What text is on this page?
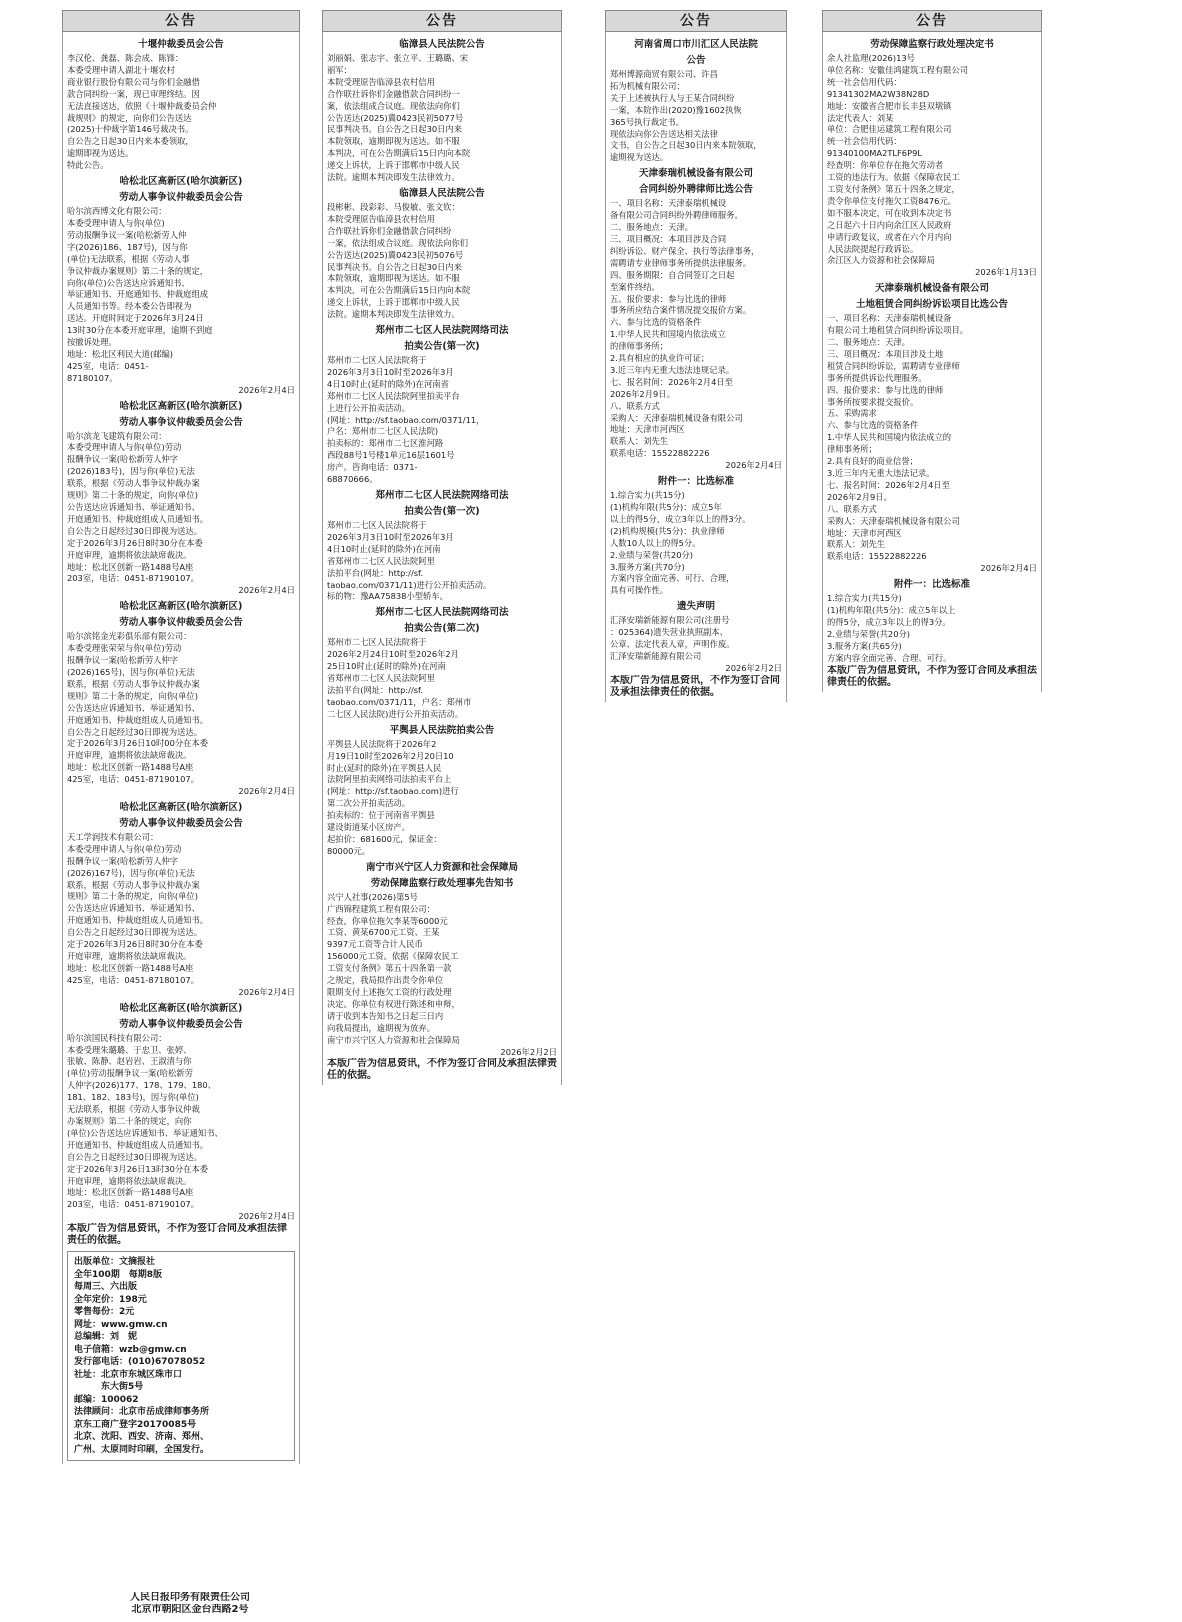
公告
十堰仲裁委员会公告

李汉伦、龚磊、陈会成、陈锋：

本委受理申请人湖北十堰农村

商业银行股份有限公司与你们金融借

款合同纠纷一案，现已审理终结。因

无法直接送达，依照《十堰仲裁委员会仲

裁规则》的规定，向你们公告送达

(2025)十仲裁字第146号裁决书。

自公告之日起30日内来本委领取，

逾期即视为送达。

特此公告。

哈松北区高新区(哈尔滨新区)
劳动人事争议仲裁委员会公告

哈尔滨西博文化有限公司：

本委受理申请人与你(单位)

劳动报酬争议一案(哈松新劳人仲

字(2026)186、187号)，因与你

(单位)无法联系，根据《劳动人事

争议仲裁办案规则》第二十条的规定，

向你(单位)公告送达应诉通知书、

举证通知书、开庭通知书、仲裁庭组成

人员通知书等。经本委公告即视为

送达。开庭时间定于2026年3月24日

13时30分在本委开庭审理，逾期不到庭

按撤诉处理。

地址：松北区利民大道(邮编)

425室，电话：0451-

87180107。

2026年2月4日

哈松北区高新区(哈尔滨新区)
劳动人事争议仲裁委员会公告

哈尔滨龙飞建筑有限公司：

本委受理申请人与你(单位)劳动

报酬争议一案(哈松新劳人仲字

(2026)183号)，因与你(单位)无法

联系，根据《劳动人事争议仲裁办案

规则》第二十条的规定，向你(单位)

公告送达应诉通知书、举证通知书、

开庭通知书、仲裁庭组成人员通知书。

自公告之日起经过30日即视为送达。

定于2026年3月26日8时30分在本委

开庭审理，逾期将依法缺席裁决。

地址：松北区创新一路1488号A座

203室，电话：0451-87190107。

2026年2月4日

哈松北区高新区(哈尔滨新区)
劳动人事争议仲裁委员会公告

哈尔滨铭金光彩俱乐部有限公司：

本委受理张荣荣与你(单位)劳动

报酬争议一案(哈松新劳人仲字

(2026)165号)，因与你(单位)无法

联系，根据《劳动人事争议仲裁办案

规则》第二十条的规定，向你(单位)

公告送达应诉通知书、举证通知书、

开庭通知书、仲裁庭组成人员通知书。

自公告之日起经过30日即视为送达。

定于2026年3月26日10时00分在本委

开庭审理，逾期将依法缺席裁决。

地址：松北区创新一路1488号A座

425室，电话：0451-87190107。

2026年2月4日

哈松北区高新区(哈尔滨新区)
劳动人事争议仲裁委员会公告

天工学润技术有限公司：

本委受理申请人与你(单位)劳动

报酬争议一案(哈松新劳人仲字

(2026)167号)，因与你(单位)无法

联系，根据《劳动人事争议仲裁办案

规则》第二十条的规定，向你(单位)

公告送达应诉通知书、举证通知书、

开庭通知书、仲裁庭组成人员通知书。

自公告之日起经过30日即视为送达。

定于2026年3月26日8时30分在本委

开庭审理，逾期将依法缺席裁决。

地址：松北区创新一路1488号A座

425室，电话：0451-87180107。

2026年2月4日

哈松北区高新区(哈尔滨新区)
劳动人事争议仲裁委员会公告

哈尔滨国民科技有限公司：

本委受理朱璐璐、于忠卫、张婷、

张敏、陈静、赵岩岩、王淑清与你

(单位)劳动报酬争议一案(哈松新劳

人仲字(2026)177、178、179、180、

181、182、183号)，因与你(单位)

无法联系，根据《劳动人事争议仲裁

办案规则》第二十条的规定，向你

(单位)公告送达应诉通知书、举证通知书、

开庭通知书、仲裁庭组成人员通知书。

自公告之日起经过30日即视为送达。

定于2026年3月26日13时30分在本委

开庭审理，逾期将依法缺席裁决。

地址：松北区创新一路1488号A座

203室，电话：0451-87190107。

2026年2月4日

本版广告为信息资讯，不作为签订合同及承担法律责任的依据。

出版单位：文摘报社

全年100期　每期8版

每周三、六出版

全年定价：198元

零售每份：2元

网址：www.gmw.cn

总编辑：刘　妮

电子信箱：wzb@gmw.cn

发行部电话：(010)67078052

社址：北京市东城区珠市口

　　　东大街5号

邮编：100062

法律顾问：北京市岳成律师事务所

京东工商广登字20170085号

北京、沈阳、西安、济南、郑州、

广州、太原同时印刷，全国发行。

公告
临漳县人民法院公告

刘丽娟、张志宇、张立平、王璐璐、宋

丽军：

本院受理原告临漳县农村信用

合作联社诉你们金融借款合同纠纷一

案，依法组成合议庭。现依法向你们

公告送达(2025)冀0423民初5077号

民事判决书。自公告之日起30日内来

本院领取，逾期即视为送达。如不服

本判决，可在公告期满后15日内向本院

递交上诉状，上诉于邯郸市中级人民

法院。逾期本判决即发生法律效力。

临漳县人民法院公告

段彬彬、段彩彩、马俊敏、张文钦：

本院受理原告临漳县农村信用

合作联社诉你们金融借款合同纠纷

一案，依法组成合议庭。现依法向你们

公告送达(2025)冀0423民初5076号

民事判决书。自公告之日起30日内来

本院领取，逾期即视为送达。如不服

本判决，可在公告期满后15日内向本院

递交上诉状，上诉于邯郸市中级人民

法院。逾期本判决即发生法律效力。

郑州市二七区人民法院网络司法
拍卖公告(第一次)

郑州市二七区人民法院将于

2026年3月3日10时至2026年3月

4日10时止(延时的除外)在河南省

郑州市二七区人民法院阿里拍卖平台

上进行公开拍卖活动。

(网址：http://sf.taobao.com/0371/11，

户名：郑州市二七区人民法院)

拍卖标的：郑州市二七区淮河路

西段88号1号楼1单元16层1601号

房产。咨询电话：0371-

68870666。

郑州市二七区人民法院网络司法
拍卖公告(第一次)

郑州市二七区人民法院将于

2026年3月3日10时至2026年3月

4日10时止(延时的除外)在河南

省郑州市二七区人民法院阿里

法拍平台(网址：http://sf.

taobao.com/0371/11)进行公开拍卖活动。

标的物：豫AA75838小型轿车。

郑州市二七区人民法院网络司法
拍卖公告(第二次)

郑州市二七区人民法院将于

2026年2月24日10时至2026年2月

25日10时止(延时的除外)在河南

省郑州市二七区人民法院阿里

法拍平台(网址：http://sf.

taobao.com/0371/11，户名：郑州市

二七区人民法院)进行公开拍卖活动。

平舆县人民法院拍卖公告

平舆县人民法院将于2026年2

月19日10时至2026年2月20日10

时止(延时的除外)在平舆县人民

法院阿里拍卖网络司法拍卖平台上

(网址：http://sf.taobao.com)进行

第二次公开拍卖活动。

拍卖标的：位于河南省平舆县

建设街道某小区房产。

起拍价：681600元，保证金：

80000元。

南宁市兴宁区人力资源和社会保障局
劳动保障监察行政处理事先告知书

兴宁人社事(2026)第5号

广西锦程建筑工程有限公司：

经查，你单位拖欠李某等6000元

工资、黄某6700元工资、王某

9397元工资等合计人民币

156000元工资。依据《保障农民工

工资支付条例》第五十四条第一款

之规定，我局拟作出责令你单位

限期支付上述拖欠工资的行政处理

决定。你单位有权进行陈述和申辩，

请于收到本告知书之日起三日内

向我局提出，逾期视为放弃。

南宁市兴宁区人力资源和社会保障局

2026年2月2日

本版广告为信息资讯，不作为签订合同及承担法律责任的依据。

公告
河南省周口市川汇区人民法院
公告

郑州博源商贸有限公司、许昌

拓为机械有限公司：

关于上述被执行人与王某合同纠纷

一案，本院作出(2020)豫1602执恢

365号执行裁定书。

现依法向你公告送达相关法律

文书，自公告之日起30日内来本院领取，

逾期视为送达。

天津泰瑞机械设备有限公司
合同纠纷外聘律师比选公告

一、项目名称：天津泰瑞机械设

备有限公司合同纠纷外聘律师服务。

二、服务地点：天津。

三、项目概况：本项目涉及合同

纠纷诉讼、财产保全、执行等法律事务，

需聘请专业律师事务所提供法律服务。

四、服务期限：自合同签订之日起

至案件终结。

五、报价要求：参与比选的律师

事务所应结合案件情况提交报价方案。

六、参与比选的资格条件

1.中华人民共和国境内依法成立

的律师事务所；

2.具有相应的执业许可证；

3.近三年内无重大违法违规记录。

七、报名时间：2026年2月4日至

2026年2月9日。

八、联系方式

采购人：天津泰瑞机械设备有限公司

地址：天津市河西区

联系人：刘先生

联系电话：15522882226

2026年2月4日

附件一：比选标准

1.综合实力(共15分)

(1)机构年限(共5分)：成立5年

以上的得5分，成立3年以上的得3分。

(2)机构规模(共5分)：执业律师

人数10人以上的得5分。

2.业绩与荣誉(共20分)

3.服务方案(共70分)

方案内容全面完善、可行、合理，

具有可操作性。

遗失声明

汇泽安瑞新能源有限公司(注册号

：025364)遗失营业执照副本、

公章、法定代表人章，声明作废。

汇泽安瑞新能源有限公司

2026年2月2日

本版广告为信息资讯，不作为签订合同及承担法律责任的依据。

公告
劳动保障监察行政处理决定书

余人社监理(2026)13号

单位名称：安徽佳鸿建筑工程有限公司

统一社会信用代码：

91341302MA2W38N28D

地址：安徽省合肥市长丰县双墩镇

法定代表人：刘某

单位：合肥佳运建筑工程有限公司

统一社会信用代码：

91340100MA2TLF6P9L

经查明：你单位存在拖欠劳动者

工资的违法行为。依据《保障农民工

工资支付条例》第五十四条之规定，

责令你单位支付拖欠工资8476元。

如不服本决定，可在收到本决定书

之日起六十日内向余江区人民政府

申请行政复议，或者在六个月内向

人民法院提起行政诉讼。

余江区人力资源和社会保障局

2026年1月13日

天津泰瑞机械设备有限公司
土地租赁合同纠纷诉讼项目比选公告

一、项目名称：天津泰瑞机械设备

有限公司土地租赁合同纠纷诉讼项目。

二、服务地点：天津。

三、项目概况：本项目涉及土地

租赁合同纠纷诉讼，需聘请专业律师

事务所提供诉讼代理服务。

四、报价要求：参与比选的律师

事务所按要求提交报价。

五、采购需求

六、参与比选的资格条件

1.中华人民共和国境内依法成立的

律师事务所；

2.具有良好的商业信誉；

3.近三年内无重大违法记录。

七、报名时间：2026年2月4日至

2026年2月9日。

八、联系方式

采购人：天津泰瑞机械设备有限公司

地址：天津市河西区

联系人：刘先生

联系电话：15522882226

2026年2月4日

附件一：比选标准

1.综合实力(共15分)

(1)机构年限(共5分)：成立5年以上

的得5分，成立3年以上的得3分。

2.业绩与荣誉(共20分)

3.服务方案(共65分)

方案内容全面完善、合理、可行。

本版广告为信息资讯，不作为签订合同及承担法律责任的依据。

人民日报印务有限责任公司

北京市朝阳区金台西路2号
